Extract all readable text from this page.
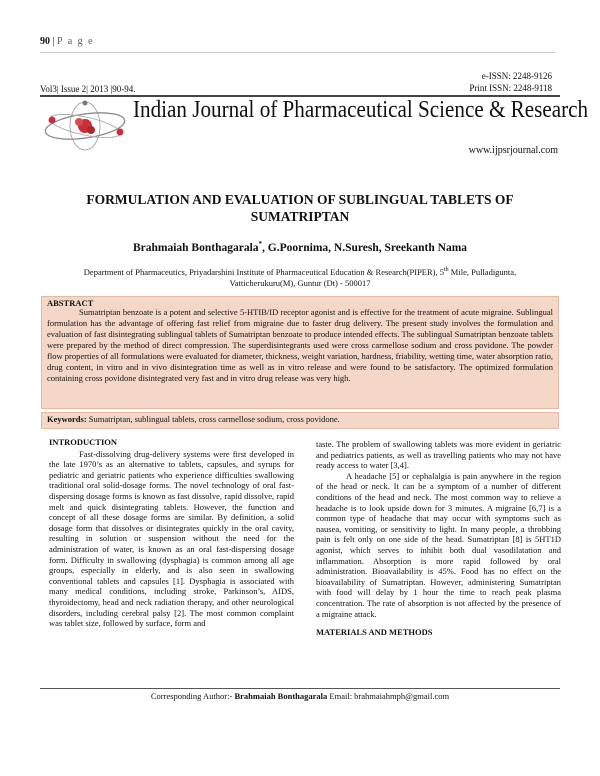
90 | P a g e
e-ISSN: 2248-9126
Print ISSN: 2248-9118
Vol3| Issue 2| 2013 |90-94.
Indian Journal of Pharmaceutical Science & Research
www.ijpsrjournal.com
FORMULATION AND EVALUATION OF SUBLINGUAL TABLETS OF SUMATRIPTAN
Brahmaiah Bonthagarala*, G.Poornima, N.Suresh, Sreekanth Nama
Department of Pharmaceutics, Priyadarshini Institute of Pharmaceutical Education & Research(PIPER), 5th Mile, Pulladigunta,
Vatticherukuru(M), Guntur (Dt) - 500017
ABSTRACT
Sumatriptan benzoate is a potent and selective 5-HTIB/ID receptor agonist and is effective for the treatment of acute migraine. Sublingual formulation has the advantage of offering fast relief from migraine due to faster drug delivery. The present study involves the formulation and evaluation of fast disintegrating sublingual tablets of Sumatriptan benzoate to produce intended effects. The sublingual Sumatriptan benzoate tablets were prepared by the method of direct compression. The superdisintegrants used were cross carmellose sodium and cross povidone. The powder flow properties of all formulations were evaluated for diameter, thickness, weight variation, hardness, friability, wetting time, water absorption ratio, drug content, in vitro and in vivo disintegration time as well as in vitro release and were found to be satisfactory. The optimized formulation containing cross povidone disintegrated very fast and in vitro drug release was very high.
Keywords: Sumatriptan, sublingual tablets, cross carmellose sodium, cross povidone.
INTRODUCTION

Fast-dissolving drug-delivery systems were first developed in the late 1970’s as an alternative to tablets, capsules, and syrups for pediatric and geriatric patients who experience difficulties swallowing traditional oral solid-dosage forms. The novel technology of oral fast-dispersing dosage forms is known as fast dissolve, rapid dissolve, rapid melt and quick disintegrating tablets. However, the function and concept of all these dosage forms are similar. By definition, a solid dosage form that dissolves or disintegrates quickly in the oral cavity, resulting in solution or suspension without the need for the administration of water, is known as an oral fast-dispersing dosage form. Difficulty in swallowing (dysphagia) is common among all age groups, especially in elderly, and is also seen in swallowing conventional tablets and capsules [1]. Dysphagia is associated with many medical conditions, including stroke, Parkinson’s, AIDS, thyroidectomy, head and neck radiation therapy, and other neurological disorders, including cerebral palsy [2]. The most common complaint was tablet size, followed by surface, form and

taste. The problem of swallowing tablets was more evident in geriatric and pediatrics patients, as well as travelling patients who may not have ready access to water [3,4].

A headache [5] or cephalalgia is pain anywhere in the region of the head or neck. It can be a symptom of a number of different conditions of the head and neck. The most common way to relieve a headache is to look upside down for 3 minutes. A migraine [6,7] is a common type of headache that may occur with symptoms such as nausea, vomiting, or sensitivity to light. In many people, a throbbing pain is felt only on one side of the head. Sumatriptan [8] is 5HT1D agonist, which serves to inhibit both dual vasodilatation and inflammation. Absorption is more rapid followed by oral administration. Bioavailability is 45%. Food has no effect on the bioavailability of Sumatriptan. However, administering Sumatriptan with food will delay by 1 hour the time to reach peak plasma concentration. The rate of absorption is not affected by the presence of a migraine attack.

MATERIALS AND METHODS
Corresponding Author:- Brahmaiah Bonthagarala Email: brahmaiahmph@gmail.com
